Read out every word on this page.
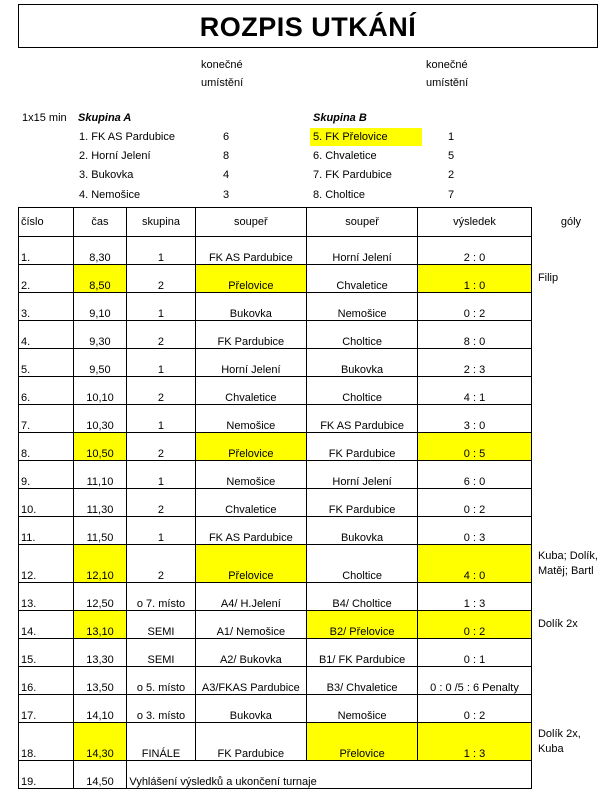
ROZPIS UTKÁNÍ
konečné
umístění
konečné
umístění
1x15 min Skupina A	Skupina B
1. FK AS Pardubice	6
2. Horní Jelení	8
3. Bukovka	4
4. Nemošice	3
5. FK Přelovice	1
6. Chvaletice	5
7. FK Pardubice	2
8. Choltice	7
číslo	čas	skupina	soupeř	soupeř	výsledek	góly
1.	8,30	1	FK AS Pardubice	Horní Jelení	2 : 0	

2.	8,50	2	Přelovice	Chvaletice	1 : 0	Filip

3.	9,10	1	Bukovka	Nemošice	0 : 2	

4.	9,30	2	FK Pardubice	Choltice	8 : 0	

5.	9,50	1	Horní Jelení	Bukovka	2 : 3	

6.	10,10	2	Chvaletice	Choltice	4 : 1	

7.	10,30	1	Nemošice	FK AS Pardubice	3 : 0	

8.	10,50	2	Přelovice	FK Pardubice	0 : 5	

9.	11,10	1	Nemošice	Horní Jelení	6 : 0	

10.	11,30	2	Chvaletice	FK Pardubice	0 : 2	

11.	11,50	1	FK AS Pardubice	Bukovka	0 : 3	

12.	12,10	2	Přelovice	Choltice	4 : 0	Kuba; Dolík, Matěj; Bartl

13.	12,50	o 7. místo	A4/ H.Jelení	B4/ Choltice	1 : 3	

14.	13,10	SEMI	A1/ Nemošice	B2/ Přelovice	0 : 2	Dolík 2x

15.	13,30	SEMI	A2/ Bukovka	B1/ FK Pardubice	0 : 1	

16.	13,50	o 5. místo	A3/FKAS Pardubice	B3/ Chvaletice	0 : 0 /5 : 6 Penalty	

17.	14,10	o 3. místo	Bukovka	Nemošice	0 : 2	

18.	14,30	FINÁLE	FK Pardubice	Přelovice	1 : 3	Dolík 2x, Kuba

19.	14,50	Vyhlášení výsledků a ukončení turnaje				
